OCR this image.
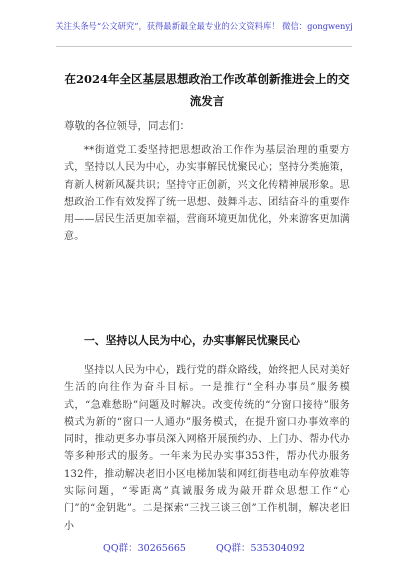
关注头条号“公文研究”，获得最新最全最专业的公文资料库！ 微信：gongwenyj
在2024年全区基层思想政治工作改革创新推进会上的交流发言
尊敬的各位领导，同志们：

**街道党工委坚持把思想政治工作作为基层治理的重要方式，坚持以人民为中心，办实事解民忧聚民心；坚持分类施策，育新人树新风凝共识；坚持守正创新，兴文化传精神展形象。思想政治工作有效发挥了统一思想、鼓舞斗志、团结奋斗的重要作用——居民生活更加幸福，营商环境更加优化，外来游客更加满意。

一、坚持以人民为中心，办实事解民忧聚民心

坚持以人民为中心，践行党的群众路线，始终把人民对美好生活的向往作为奋斗目标。一是推行“全科办事员”服务模式，“急难愁盼”问题及时解决。改变传统的“分窗口接待”服务模式为新的“窗口一人通办”服务模式，在提升窗口办事效率的同时，推动更多办事员深入网格开展预约办、上门办、帮办代办等多种形式的服务。一年来为民办实事353件，帮办代办服务132件，推动解决老旧小区电梯加装和网红街巷电动车停放难等实际问题，“零距离”真诚服务成为敲开群众思想工作“心门”的“金钥匙”。二是探索“三找三谈三创”工作机制，解决老旧小

QQ群：30265665	QQ群：535304092
